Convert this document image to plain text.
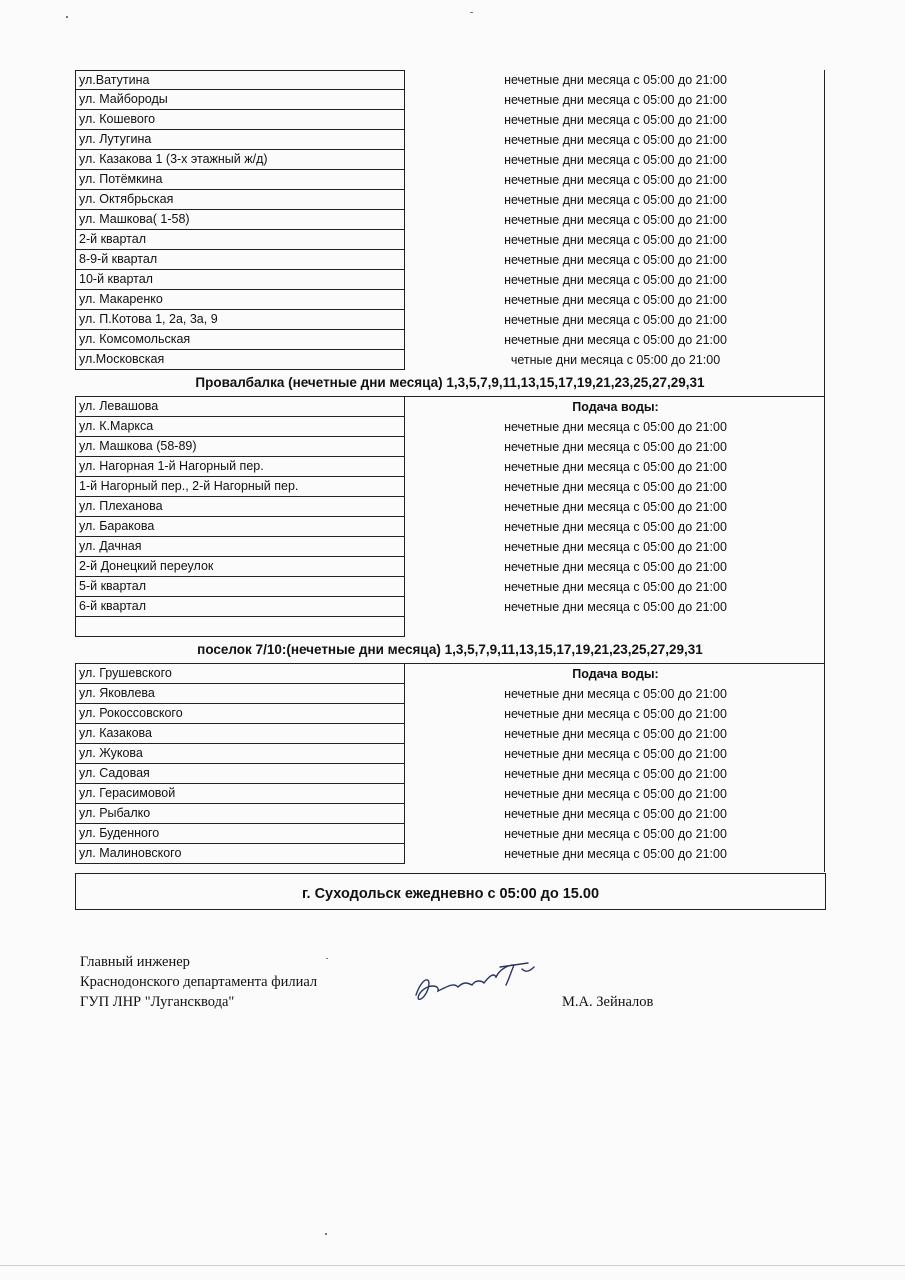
ул.Ватутина	нечетные дни месяца с 05:00 до 21:00
ул. Майбороды	нечетные дни месяца с 05:00 до 21:00
ул. Кошевого	нечетные дни месяца с 05:00 до 21:00
ул. Лутугина	нечетные дни месяца с 05:00 до 21:00
ул. Казакова 1 (3-х этажный ж/д)	нечетные дни месяца с 05:00 до 21:00
ул. Потёмкина	нечетные дни месяца с 05:00 до 21:00
ул. Октябрьская	нечетные дни месяца с 05:00 до 21:00
ул. Машкова( 1-58)	нечетные дни месяца с 05:00 до 21:00
2-й квартал	нечетные дни месяца с 05:00 до 21:00
8-9-й квартал	нечетные дни месяца с 05:00 до 21:00
10-й квартал	нечетные дни месяца с 05:00 до 21:00
ул. Макаренко	нечетные дни месяца с 05:00 до 21:00
ул. П.Котова 1, 2а, 3а, 9	нечетные дни месяца с 05:00 до 21:00
ул. Комсомольская	нечетные дни месяца с 05:00 до 21:00
ул.Московская	четные дни месяца с 05:00 до 21:00
Провалбалка (нечетные дни месяца) 1,3,5,7,9,11,13,15,17,19,21,23,25,27,29,31
ул. Левашова	Подача воды:
ул. К.Маркса	нечетные дни месяца с 05:00 до 21:00
ул. Машкова (58-89)	нечетные дни месяца с 05:00 до 21:00
ул. Нагорная 1-й Нагорный пер.	нечетные дни месяца с 05:00 до 21:00
1-й Нагорный пер., 2-й Нагорный пер.	нечетные дни месяца с 05:00 до 21:00
ул. Плеханова	нечетные дни месяца с 05:00 до 21:00
ул. Баракова	нечетные дни месяца с 05:00 до 21:00
ул. Дачная	нечетные дни месяца с 05:00 до 21:00
2-й Донецкий переулок	нечетные дни месяца с 05:00 до 21:00
5-й квартал	нечетные дни месяца с 05:00 до 21:00
6-й квартал	нечетные дни месяца с 05:00 до 21:00
поселок 7/10:(нечетные дни месяца) 1,3,5,7,9,11,13,15,17,19,21,23,25,27,29,31
ул. Грушевского	Подача воды:
ул. Яковлева	нечетные дни месяца с 05:00 до 21:00
ул. Рокоссовского	нечетные дни месяца с 05:00 до 21:00
ул. Казакова	нечетные дни месяца с 05:00 до 21:00
ул. Жукова	нечетные дни месяца с 05:00 до 21:00
ул. Садовая	нечетные дни месяца с 05:00 до 21:00
ул. Герасимовой	нечетные дни месяца с 05:00 до 21:00
ул. Рыбалко	нечетные дни месяца с 05:00 до 21:00
ул. Буденного	нечетные дни месяца с 05:00 до 21:00
ул. Малиновского	нечетные дни месяца с 05:00 до 21:00
г. Суходольск ежедневно с 05:00 до 15.00
Главный инженер
Краснодонского департамента филиал
ГУП ЛНР "Луганскводa"	М.А. Зейналов
